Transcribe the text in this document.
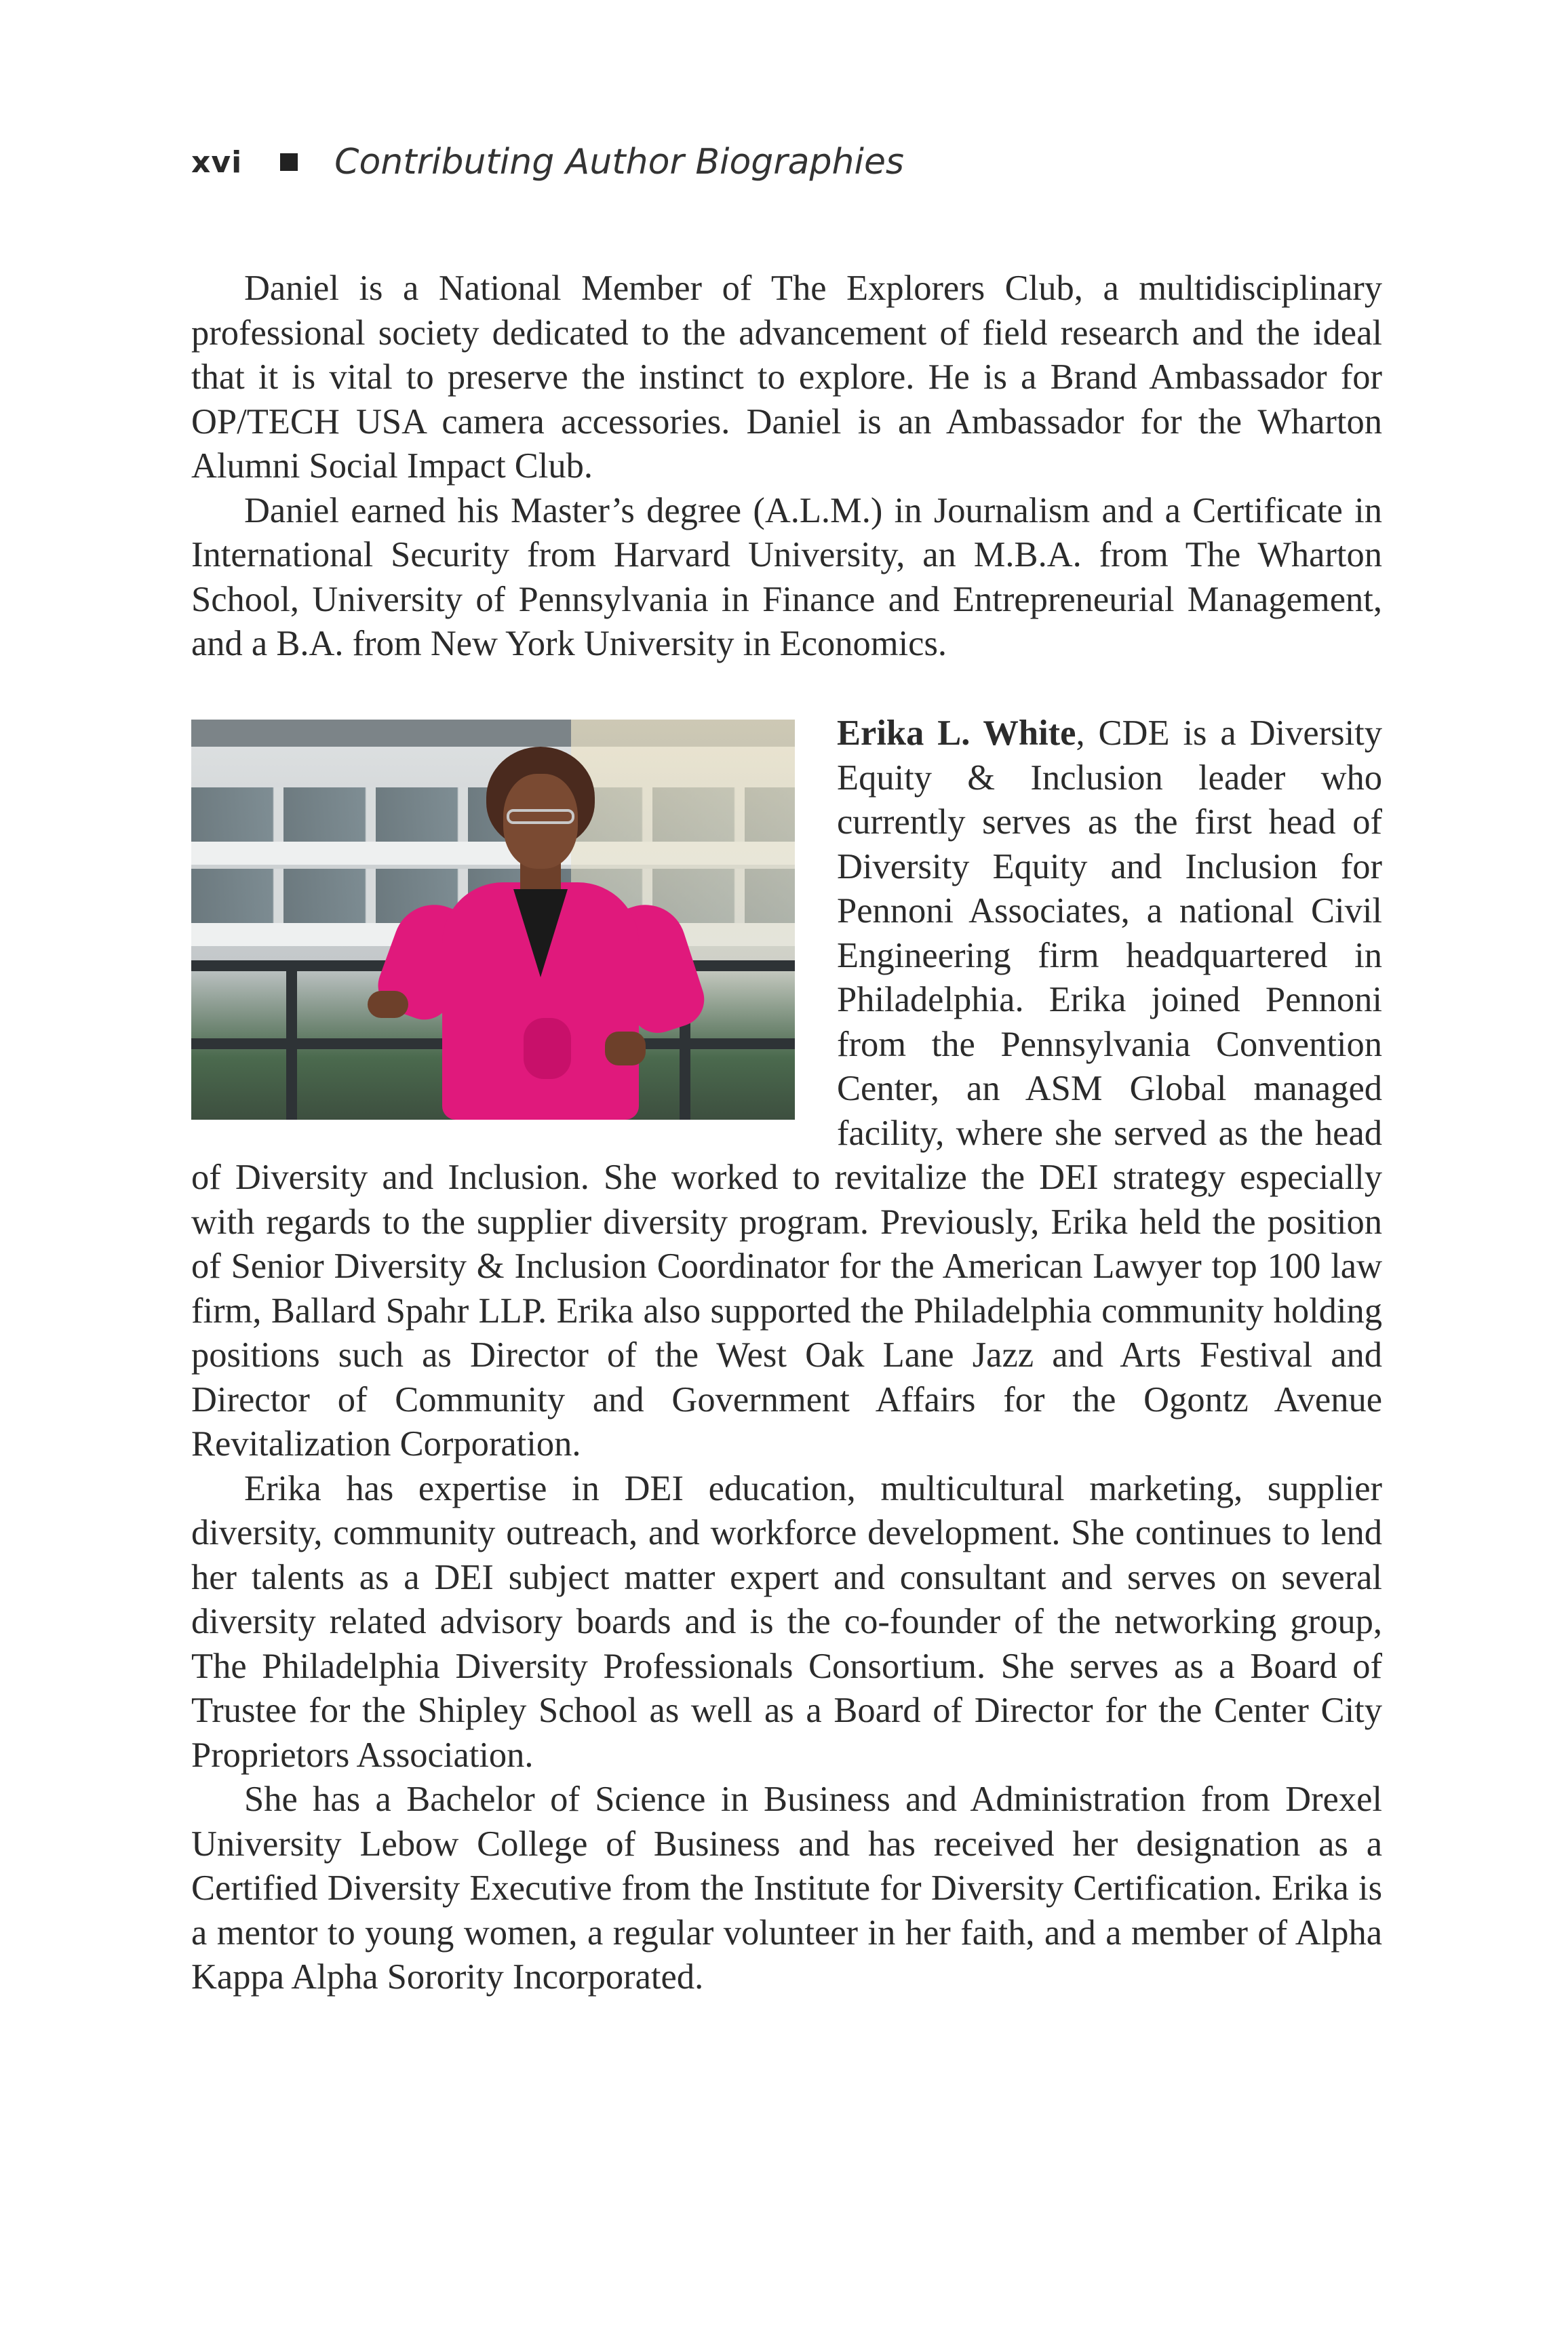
xvi	Contributing Author Biographies

Daniel is a National Member of The Explorers Club, a multidisciplinary professional society dedicated to the advancement of field research and the ideal that it is vital to preserve the instinct to explore. He is a Brand Ambassador for OP/TECH USA camera accessories. Daniel is an Ambassador for the Wharton Alumni Social Impact Club.

Daniel earned his Master’s degree (A.L.M.) in Journalism and a Certificate in International Security from Harvard University, an M.B.A. from The Wharton School, University of Pennsylvania in Finance and Entrepreneurial Management, and a B.A. from New York University in Economics.

Erika L. White, CDE is a Diversity Equity & Inclusion leader who currently serves as the first head of Diversity Equity and Inclusion for Pennoni Associates, a national Civil Engineering firm headquartered in Philadelphia. Erika joined Pennoni from the Pennsylvania Convention Center, an ASM Global managed facility, where she served as the head of Diversity and Inclusion. She worked to revitalize the DEI strategy especially with regards to the supplier diversity program. Previously, Erika held the position of Senior Diversity & Inclusion Coordinator for the American Lawyer top 100 law firm, Ballard Spahr LLP. Erika also supported the Philadelphia community holding positions such as Director of the West Oak Lane Jazz and Arts Festival and Director of Community and Government Affairs for the Ogontz Avenue Revitalization Corporation.

Erika has expertise in DEI education, multicultural marketing, supplier diversity, community outreach, and workforce development. She continues to lend her talents as a DEI subject matter expert and consultant and serves on several diversity related advisory boards and is the co-founder of the networking group, The Philadelphia Diversity Professionals Consortium. She serves as a Board of Trustee for the Shipley School as well as a Board of Director for the Center City Proprietors Association.

She has a Bachelor of Science in Business and Administration from Drexel University Lebow College of Business and has received her designation as a Certified Diversity Executive from the Institute for Diversity Certification. Erika is a mentor to young women, a regular volunteer in her faith, and a member of Alpha Kappa Alpha Sorority Incorporated.
